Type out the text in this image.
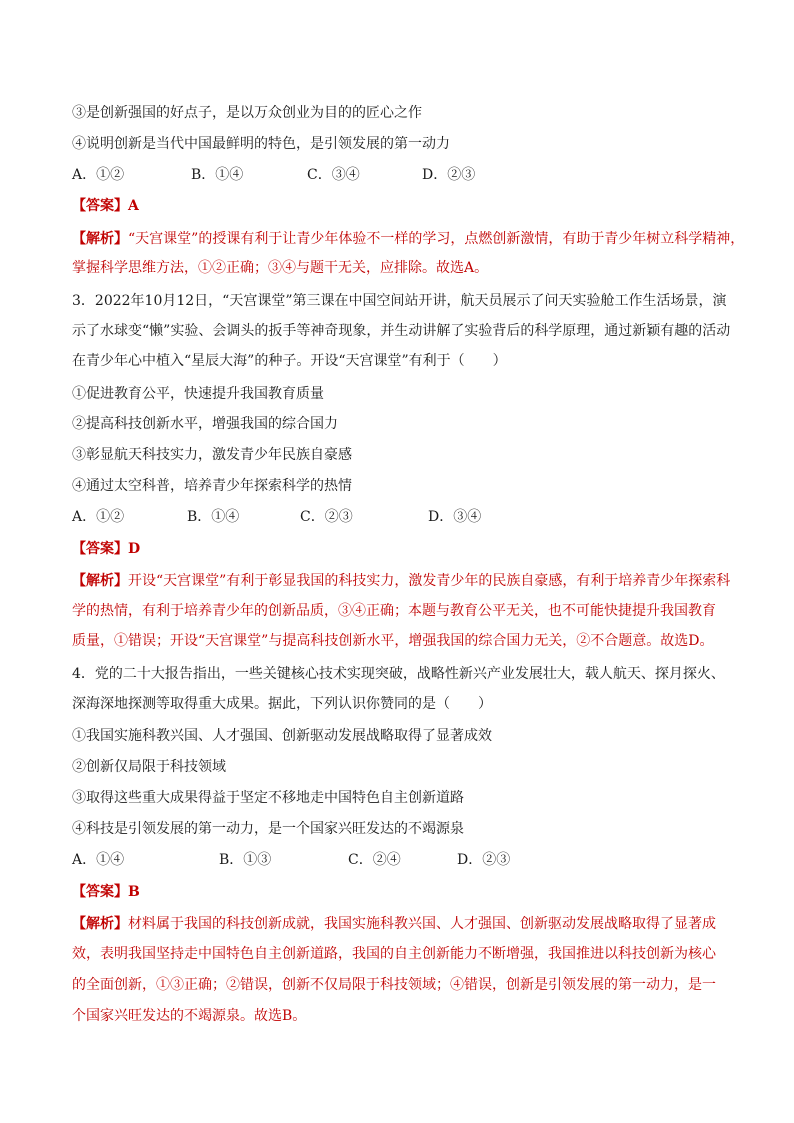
③是创新强国的好点子，是以万众创业为目的的匠心之作
④说明创新是当代中国最鲜明的特色，是引领发展的第一动力
A．①②	B．①④	C．③④	D．②③
【答案】A
【解析】“天宫课堂”的授课有利于让青少年体验不一样的学习，点燃创新激情，有助于青少年树立科学精神，
掌握科学思维方法，①②正确；③④与题干无关，应排除。故选A。
3．2022年10月12日，“天宫课堂”第三课在中国空间站开讲，航天员展示了问天实验舱工作生活场景，演
示了水球变“懒”实验、会调头的扳手等神奇现象，并生动讲解了实验背后的科学原理，通过新颖有趣的活动
在青少年心中植入“星辰大海”的种子。开设“天宫课堂”有利于（　　）
①促进教育公平，快速提升我国教育质量
②提高科技创新水平，增强我国的综合国力
③彰显航天科技实力，激发青少年民族自豪感
④通过太空科普，培养青少年探索科学的热情
A．①②	B．①④	C．②③	D．③④
【答案】D
【解析】开设“天宫课堂”有利于彰显我国的科技实力，激发青少年的民族自豪感，有利于培养青少年探索科
学的热情，有利于培养青少年的创新品质，③④正确；本题与教育公平无关，也不可能快捷提升我国教育
质量，①错误；开设“天宫课堂”与提高科技创新水平，增强我国的综合国力无关，②不合题意。故选D。
4．党的二十大报告指出，一些关键核心技术实现突破，战略性新兴产业发展壮大，载人航天、探月探火、
深海深地探测等取得重大成果。据此，下列认识你赞同的是（　　）
①我国实施科教兴国、人才强国、创新驱动发展战略取得了显著成效
②创新仅局限于科技领域
③取得这些重大成果得益于坚定不移地走中国特色自主创新道路
④科技是引领发展的第一动力，是一个国家兴旺发达的不竭源泉
A．①④	B．①③	C．②④	D．②③
【答案】B
【解析】材料属于我国的科技创新成就，我国实施科教兴国、人才强国、创新驱动发展战略取得了显著成
效，表明我国坚持走中国特色自主创新道路，我国的自主创新能力不断增强，我国推进以科技创新为核心
的全面创新，①③正确；②错误，创新不仅局限于科技领域；④错误，创新是引领发展的第一动力，是一
个国家兴旺发达的不竭源泉。故选B。
